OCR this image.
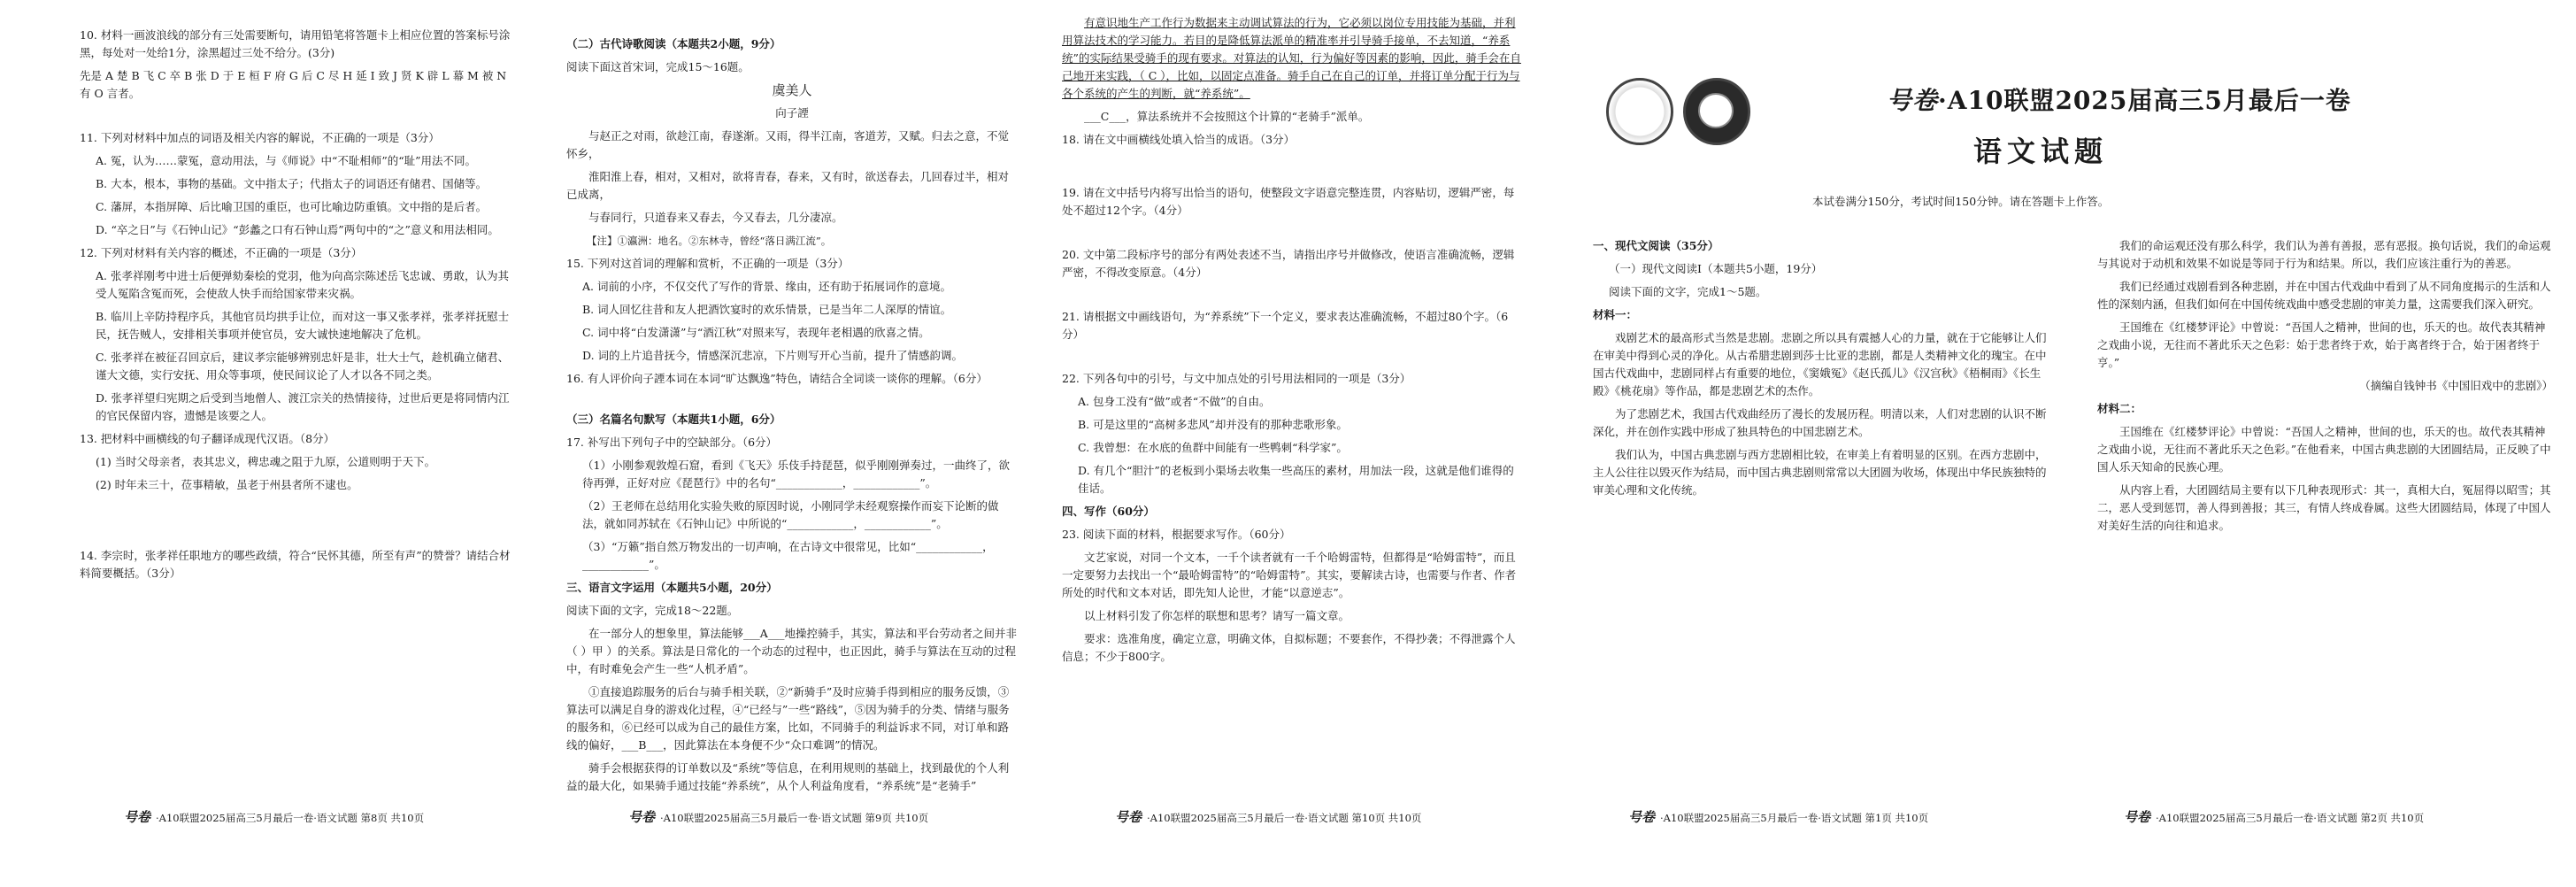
10. 材料一画波浪线的部分有三处需要断句，请用铅笔将答题卡上相应位置的答案标号涂黑，每处对一处给1分，涂黑超过三处不给分。(3分)

先是 A 楚 B 飞 C 卒 B 张 D 于 E 桓 F 府 G 后 C 尽 H 延 I 致 J 贤 K 辟 L 幕 M 被 N 有 O 言者。

11. 下列对材料中加点的词语及相关内容的解说，不正确的一项是（3分）

A. 冤，认为……蒙冤，意动用法，与《师说》中“不耻相师”的“耻”用法不同。

B. 大本，根本，事物的基础。文中指太子；代指太子的词语还有储君、国储等。

C. 藩屏，本指屏障、后比喻卫国的重臣，也可比喻边防重镇。文中指的是后者。

D. “卒之日”与《石钟山记》“彭蠡之口有石钟山焉”两句中的“之”意义和用法相同。

12. 下列对材料有关内容的概述，不正确的一项是（3分）

A. 张孝祥刚考中进士后便弹劾秦桧的党羽，他为向高宗陈述岳飞忠诚、勇敢，认为其受人冤陷含冤而死，会使敌人快手而给国家带来灾祸。

B. 临川上辛防持程序兵，其他官员均拱手让位，而对这一事又张孝祥，张孝祥抚慰士民，抚告贼人，安排相关事项并使官员，安大诚快速地解决了危机。

C. 张孝祥在被征召回京后，建议孝宗能够辨别忠奸是非，壮大士气，趁机确立储君、谨大文德，实行安抚、用众等事项，使民间议论了人才以各不同之类。

D. 张孝祥望归宪期之后受到当地僧人、渡江宗关的热情接待，过世后更是将同情内江的官民保留内容，遗憾是该要之人。

13. 把材料中画横线的句子翻译成现代汉语。（8分）

(1) 当时父母亲者，表其忠义，稗忠魂之阻于九原，公道则明于天下。

(2) 时年未三十，莅事精敏，虽老于州县者所不逮也。

14. 李宗时，张孝祥任职地方的哪些政绩，符合“民怀其德，所至有声”的赞誉？请结合材料简要概括。（3分）

号卷 ·A10联盟2025届高三5月最后一卷·语文试题 第8页 共10页

（二）古代诗歌阅读（本题共2小题，9分）

阅读下面这首宋词，完成15～16题。

虞美人

向子諲

与赵正之对雨，欲趁江南，春遂渐。又雨，得半江南，客道芳，又赋。归去之意，不觉怀乡，

淮阳淮上春，相对，又相对，欲将青春，春来，又有时，欲送春去，几回春过半，相对已成离，

与春同行，只道春来又春去，今又春去，几分凄凉。

【注】①瀛洲：地名。②东林寺，曾经“落日满江流”。

15. 下列对这首词的理解和赏析，不正确的一项是（3分）

A. 词前的小序，不仅交代了写作的背景、缘由，还有助于拓展词作的意境。

B. 词人回忆往昔和友人把酒饮宴时的欢乐情景，已是当年二人深厚的情谊。

C. 词中将“白发潇潇”与“酒江秋”对照来写，表现年老相遇的欣喜之情。

D. 词的上片追昔抚今，情感深沉悲凉，下片则写开心当前，提升了情感韵调。

16. 有人评价向子諲本词在本词“旷达飘逸”特色，请结合全词谈一谈你的理解。（6分）

（三）名篇名句默写（本题共1小题，6分）

17. 补写出下列句子中的空缺部分。（6分）

（1）小刚参观敦煌石窟，看到《飞天》乐伎手持琵琶，似乎刚刚弹奏过，一曲终了，欲待再弹，正好对应《琵琶行》中的名句“____________，____________”。

（2）王老师在总结用化实验失败的原因时说，小刚同学未经观察操作而妄下论断的做法，就如同苏轼在《石钟山记》中所说的“____________，____________”。

（3）“万籁”指自然万物发出的一切声响，在古诗文中很常见，比如“____________，____________”。

三、语言文字运用（本题共5小题，20分）

阅读下面的文字，完成18～22题。

在一部分人的想象里，算法能够___A___地操控骑手，其实，算法和平台劳动者之间并非（ ）甲 ）的关系。算法是日常化的一个动态的过程中，也正因此，骑手与算法在互动的过程中，有时难免会产生一些“人机矛盾”。

①直接追踪服务的后台与骑手相关联，②“新骑手”及时应骑手得到相应的服务反馈，③算法可以满足自身的游戏化过程，④“已经与”一些“路线”，⑤因为骑手的分类、情绪与服务的服务和，⑥已经可以成为自己的最佳方案，比如，不同骑手的利益诉求不同，对订单和路线的偏好，___B___，因此算法在本身便不少“众口难调”的情况。

骑手会根据获得的订单数以及“系统”等信息，在利用规则的基础上，找到最优的个人利益的最大化，如果骑手通过技能“养系统”，从个人利益角度看，“养系统”是“老骑手”

号卷 ·A10联盟2025届高三5月最后一卷·语文试题 第9页 共10页

有意识地生产工作行为数据来主动调试算法的行为，它必须以岗位专用技能为基础，并利用算法技术的学习能力。若目的是降低算法派单的精准率并引导骑手接单，不去知道，“养系统”的实际结果受骑手的现有要求。对算法的认知，行为偏好等因素的影响，因此，骑手会在自己地开来实践，（ C ），比如，以固定点准备。骑手自己在自己的订单，并将订单分配于行为与各个系统的产生的判断，就“养系统”。

___C___，算法系统并不会按照这个计算的“老骑手”派单。

18. 请在文中画横线处填入恰当的成语。（3分）

19. 请在文中括号内将写出恰当的语句，使整段文字语意完整连贯，内容贴切，逻辑严密，每处不超过12个字。（4分）

20. 文中第二段标序号的部分有两处表述不当，请指出序号并做修改，使语言准确流畅，逻辑严密，不得改变原意。（4分）

21. 请根据文中画线语句，为“养系统”下一个定义，要求表达准确流畅，不超过80个字。（6分）

22. 下列各句中的引号，与文中加点处的引号用法相同的一项是（3分）

A. 包身工没有“做”或者“不做”的自由。

B. 可是这里的“高树多悲风”却并没有的那种悲歌形象。

C. 我曾想：在水底的鱼群中间能有一些鸭刺“科学家”。

D. 有几个“胆汁”的老板到小渠场去收集一些高压的素材，用加法一段，这就是他们谁得的佳话。

四、写作（60分）

23. 阅读下面的材料，根据要求写作。（60分）

文艺家说，对同一个文本，一千个读者就有一千个哈姆雷特，但都得是“哈姆雷特”，而且一定要努力去找出一个“最哈姆雷特”的“哈姆雷特”。其实，要解读古诗，也需要与作者、作者所处的时代和文本对话，即先知人论世，才能“以意逆志”。

以上材料引发了你怎样的联想和思考？请写一篇文章。

要求：选准角度，确定立意，明确文体，自拟标题；不要套作，不得抄袭；不得泄露个人信息；不少于800字。

号卷 ·A10联盟2025届高三5月最后一卷·语文试题 第10页 共10页
号卷·A10联盟2025届高三5月最后一卷
语文试题
本试卷满分150分，考试时间150分钟。请在答题卡上作答。

一、现代文阅读（35分）

（一）现代文阅读Ⅰ（本题共5小题，19分）

阅读下面的文字，完成1～5题。

材料一：

戏剧艺术的最高形式当然是悲剧。悲剧之所以具有震撼人心的力量，就在于它能够让人们在审美中得到心灵的净化。从古希腊悲剧到莎士比亚的悲剧，都是人类精神文化的瑰宝。在中国古代戏曲中，悲剧同样占有重要的地位，《窦娥冤》《赵氏孤儿》《汉宫秋》《梧桐雨》《长生殿》《桃花扇》等作品，都是悲剧艺术的杰作。

为了悲剧艺术，我国古代戏曲经历了漫长的发展历程。明清以来，人们对悲剧的认识不断深化，并在创作实践中形成了独具特色的中国悲剧艺术。

我们认为，中国古典悲剧与西方悲剧相比较，在审美上有着明显的区别。在西方悲剧中，主人公往往以毁灭作为结局，而中国古典悲剧则常常以大团圆为收场，体现出中华民族独特的审美心理和文化传统。

号卷 ·A10联盟2025届高三5月最后一卷·语文试题 第1页 共10页

我们的命运观还没有那么科学，我们认为善有善报，恶有恶报。换句话说，我们的命运观与其说对于动机和效果不如说是等同于行为和结果。所以，我们应该注重行为的善恶。

我们已经通过戏剧看到各种悲剧，并在中国古代戏曲中看到了从不同角度揭示的生活和人性的深刻内涵，但我们如何在中国传统戏曲中感受悲剧的审美力量，这需要我们深入研究。

王国维在《红楼梦评论》中曾说：“吾国人之精神，世间的也，乐天的也。故代表其精神之戏曲小说，无往而不著此乐天之色彩：始于悲者终于欢，始于离者终于合，始于困者终于亨。”

（摘编自钱钟书《中国旧戏中的悲剧》）

材料二：

王国维在《红楼梦评论》中曾说：“吾国人之精神，世间的也，乐天的也。故代表其精神之戏曲小说，无往而不著此乐天之色彩。”在他看来，中国古典悲剧的大团圆结局，正反映了中国人乐天知命的民族心理。

从内容上看，大团圆结局主要有以下几种表现形式：其一，真相大白，冤屈得以昭雪；其二，恶人受到惩罚，善人得到善报；其三，有情人终成眷属。这些大团圆结局，体现了中国人对美好生活的向往和追求。

号卷 ·A10联盟2025届高三5月最后一卷·语文试题 第2页 共10页
